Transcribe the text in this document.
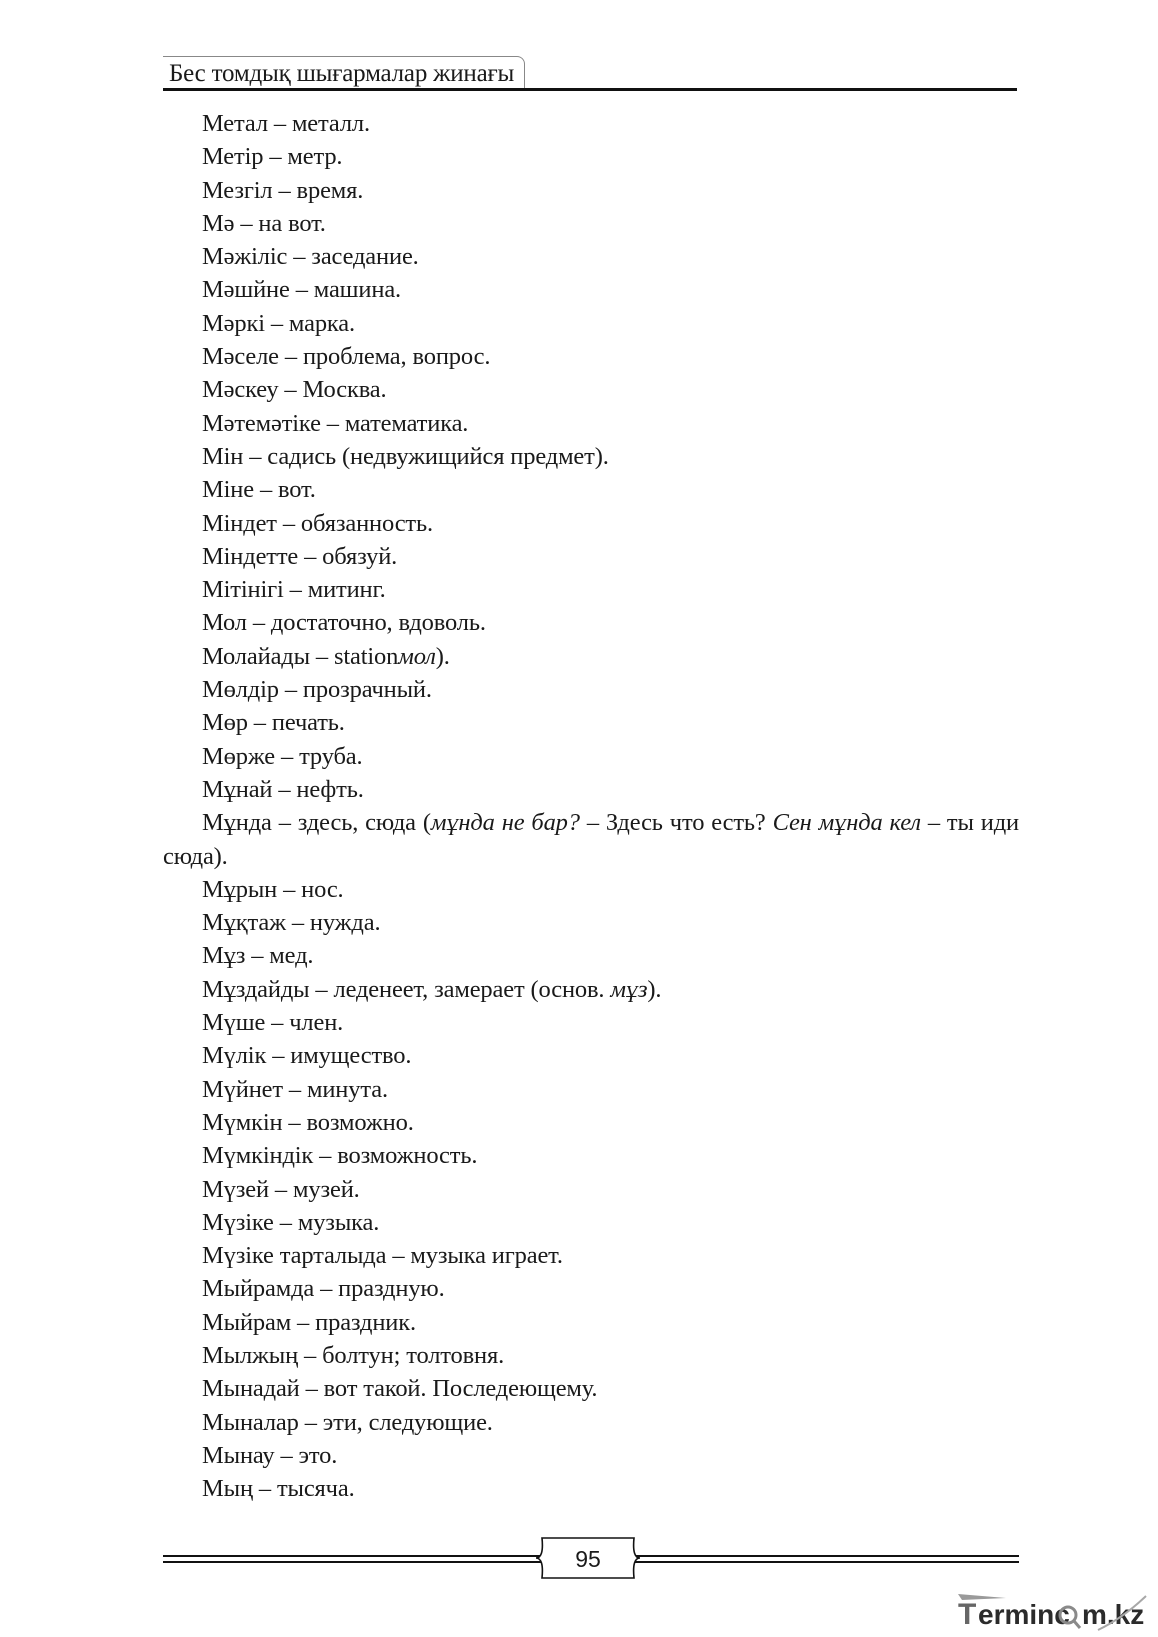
Бес томдық шығармалар жинағы
Метал – металл.
Метір – метр.
Мезгіл – время.
Мә – на вот.
Мәжіліс – заседание.
Мәшйне – машина.
Мәркі – марка.
Мәселе – проблема, вопрос.
Мәскеу – Москва.
Мәтемәтіке – математика.
Мін – садись (недвужищийся предмет).
Міне – вот.
Міндет – обязанность.
Міндетте – обязуй.
Мітінігі – митинг.
Мол – достаточно, вдоволь.
Молайады – stationмол).
Мөлдір – прозрачный.
Мөр – печать.
Мөрже – труба.
Мұнай – нефть.
Мұнда – здесь, сюда (мұнда не бар? – Здесь что есть? Сен мұнда кел – ты иди сюда).
Мұрын – нос.
Мұқтаж – нужда.
Мұз – мед.
Мұздайды – леденеет, замерает (основ. мұз).
Мүше – член.
Мүлік – имущество.
Мүйнет – минута.
Мүмкін – возможно.
Мүмкіндік – возможность.
Мүзей – музей.
Мүзіке – музыка.
Мүзіке тарталыда – музыка играет.
Мыйрамда – праздную.
Мыйрам – праздник.
Мылжың – болтун; толтовня.
Мынадай – вот такой. Последеющему.
Мыналар – эти, следующие.
Мынау – это.
Мың – тысяча.
95
T erminc m.kz
